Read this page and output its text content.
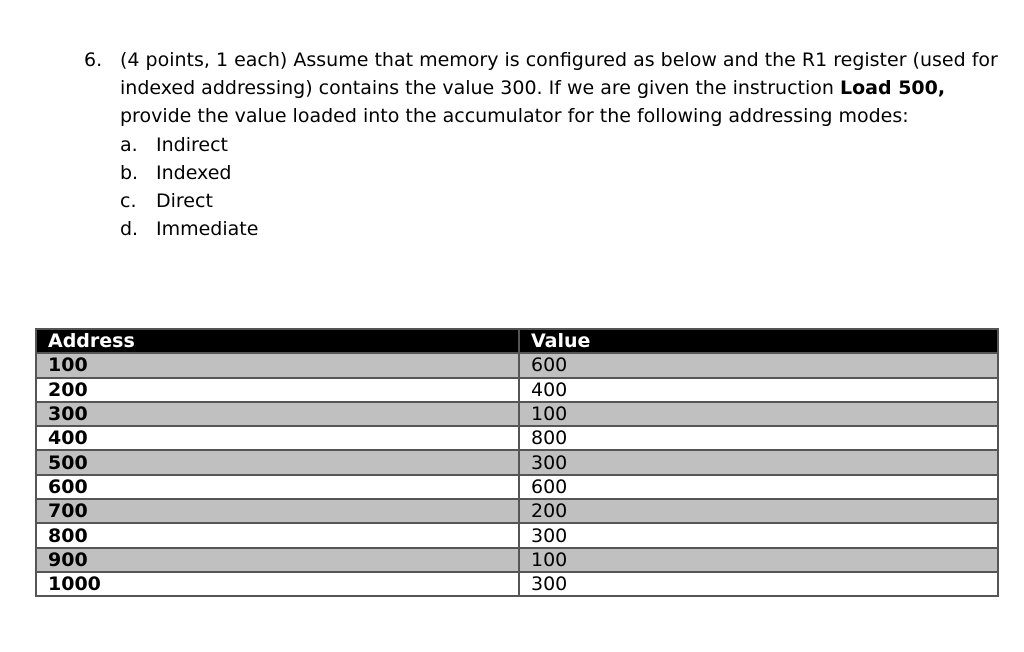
6. (4 points, 1 each) Assume that memory is configured as below and the R1 register (used for indexed addressing) contains the value 300. If we are given the instruction Load 500, provide the value loaded into the accumulator for the following addressing modes:
a. Indirect
b. Indexed
c.	Direct
d. Immediate
Address	Value
100	600
200	400
300	100
400	800
500	300
600	600
700	200
800	300
900	100
1000	300
